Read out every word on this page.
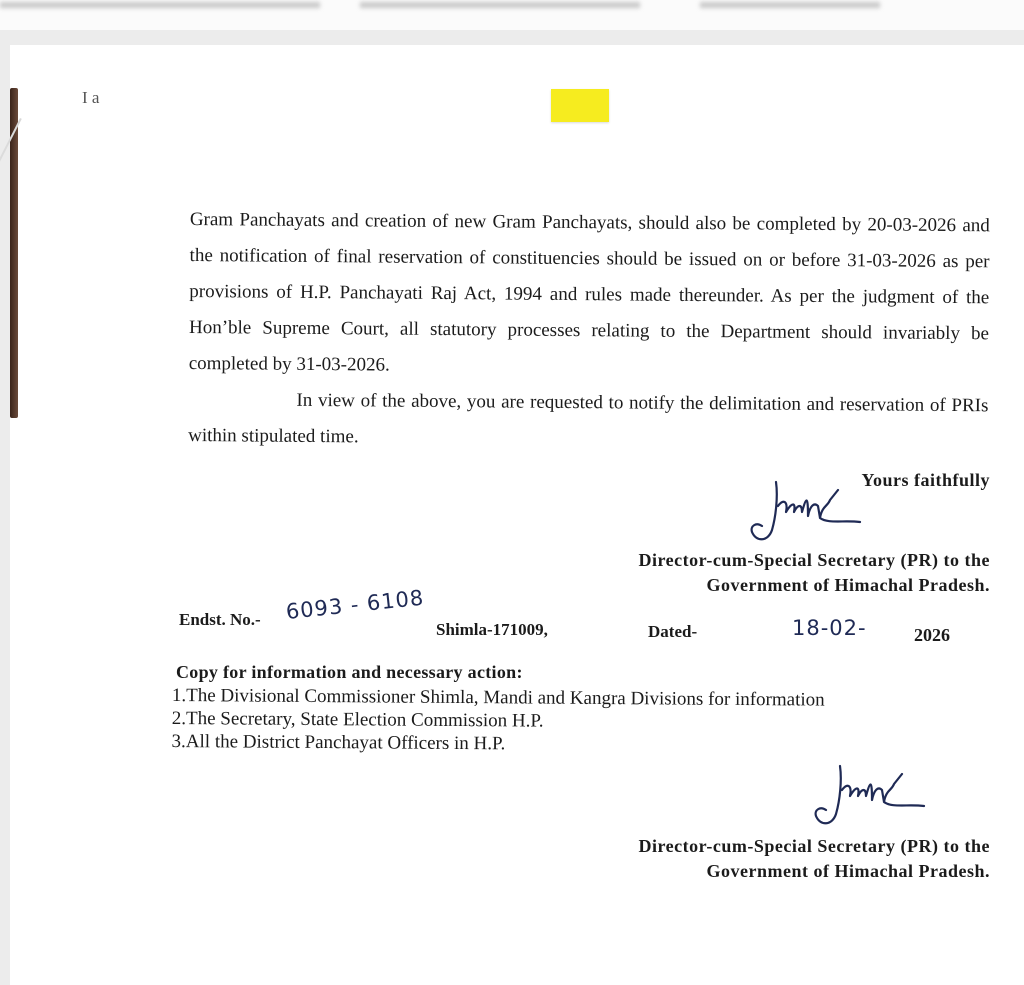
I a

Gram Panchayats and creation of new Gram Panchayats, should also be completed by 20-03-2026 and the notification of final reservation of constituencies should be issued on or before 31-03-2026 as per provisions of H.P. Panchayati Raj Act, 1994 and rules made thereunder. As per the judgment of the Hon’ble Supreme Court, all statutory processes relating to the Department should invariably be completed by 31-03-2026.

In view of the above, you are requested to notify the delimitation and reservation of PRIs within stipulated time.

Yours faithfully
Director-cum-Special Secretary (PR) to the
Government of Himachal Pradesh.
Endst. No.- 6093 - 6108
Shimla-171009,	Dated-	18-02-	2026
Copy for information and necessary action:
1.The Divisional Commissioner Shimla, Mandi and Kangra Divisions for information
2.The Secretary, State Election Commission H.P.
3.All the District Panchayat Officers in H.P.
Director-cum-Special Secretary (PR) to the
Government of Himachal Pradesh.
